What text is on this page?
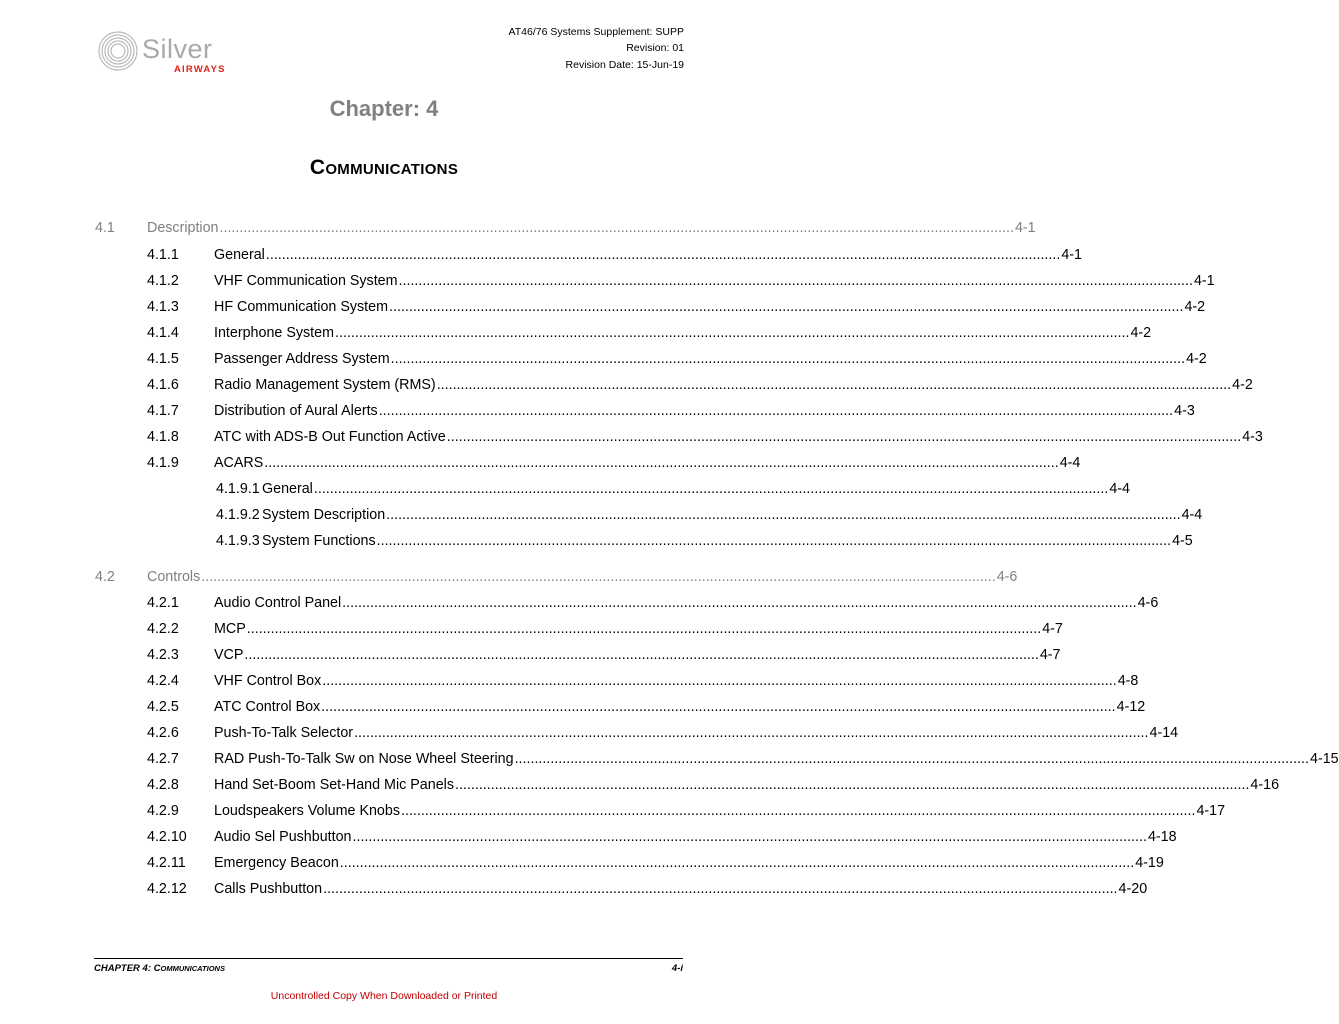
Silver
AIRWAYS
AT46/76 Systems Supplement: SUPP
Revision: 01
Revision Date: 15-Jun-19
Chapter: 4
COMMUNICATIONS
4.1 Description ........................................................................................................................................................................................................ 4-1
4.1.1 General ........................................................................................................................................................................................................ 4-1
4.1.2 VHF Communication System ........................................................................................................................................................................................................ 4-1
4.1.3 HF Communication System ........................................................................................................................................................................................................ 4-2
4.1.4 Interphone System ........................................................................................................................................................................................................ 4-2
4.1.5 Passenger Address System ........................................................................................................................................................................................................ 4-2
4.1.6 Radio Management System (RMS) ........................................................................................................................................................................................................ 4-2
4.1.7 Distribution of Aural Alerts ........................................................................................................................................................................................................ 4-3
4.1.8 ATC with ADS-B Out Function Active ........................................................................................................................................................................................................ 4-3
4.1.9 ACARS ........................................................................................................................................................................................................ 4-4
4.1.9.1 General ........................................................................................................................................................................................................ 4-4
4.1.9.2 System Description ........................................................................................................................................................................................................ 4-4
4.1.9.3 System Functions ........................................................................................................................................................................................................ 4-5
4.2 Controls ........................................................................................................................................................................................................ 4-6
4.2.1 Audio Control Panel ........................................................................................................................................................................................................ 4-6
4.2.2 MCP ........................................................................................................................................................................................................ 4-7
4.2.3 VCP ........................................................................................................................................................................................................ 4-7
4.2.4 VHF Control Box ........................................................................................................................................................................................................ 4-8
4.2.5 ATC Control Box ........................................................................................................................................................................................................ 4-12
4.2.6 Push-To-Talk Selector ........................................................................................................................................................................................................ 4-14
4.2.7 RAD Push-To-Talk Sw on Nose Wheel Steering ........................................................................................................................................................................................................ 4-15
4.2.8 Hand Set-Boom Set-Hand Mic Panels ........................................................................................................................................................................................................ 4-16
4.2.9 Loudspeakers Volume Knobs ........................................................................................................................................................................................................ 4-17
4.2.10 Audio Sel Pushbutton ........................................................................................................................................................................................................ 4-18
4.2.11 Emergency Beacon ........................................................................................................................................................................................................ 4-19
4.2.12 Calls Pushbutton ........................................................................................................................................................................................................ 4-20
CHAPTER 4: COMMUNICATIONS	4-i
Uncontrolled Copy When Downloaded or Printed
